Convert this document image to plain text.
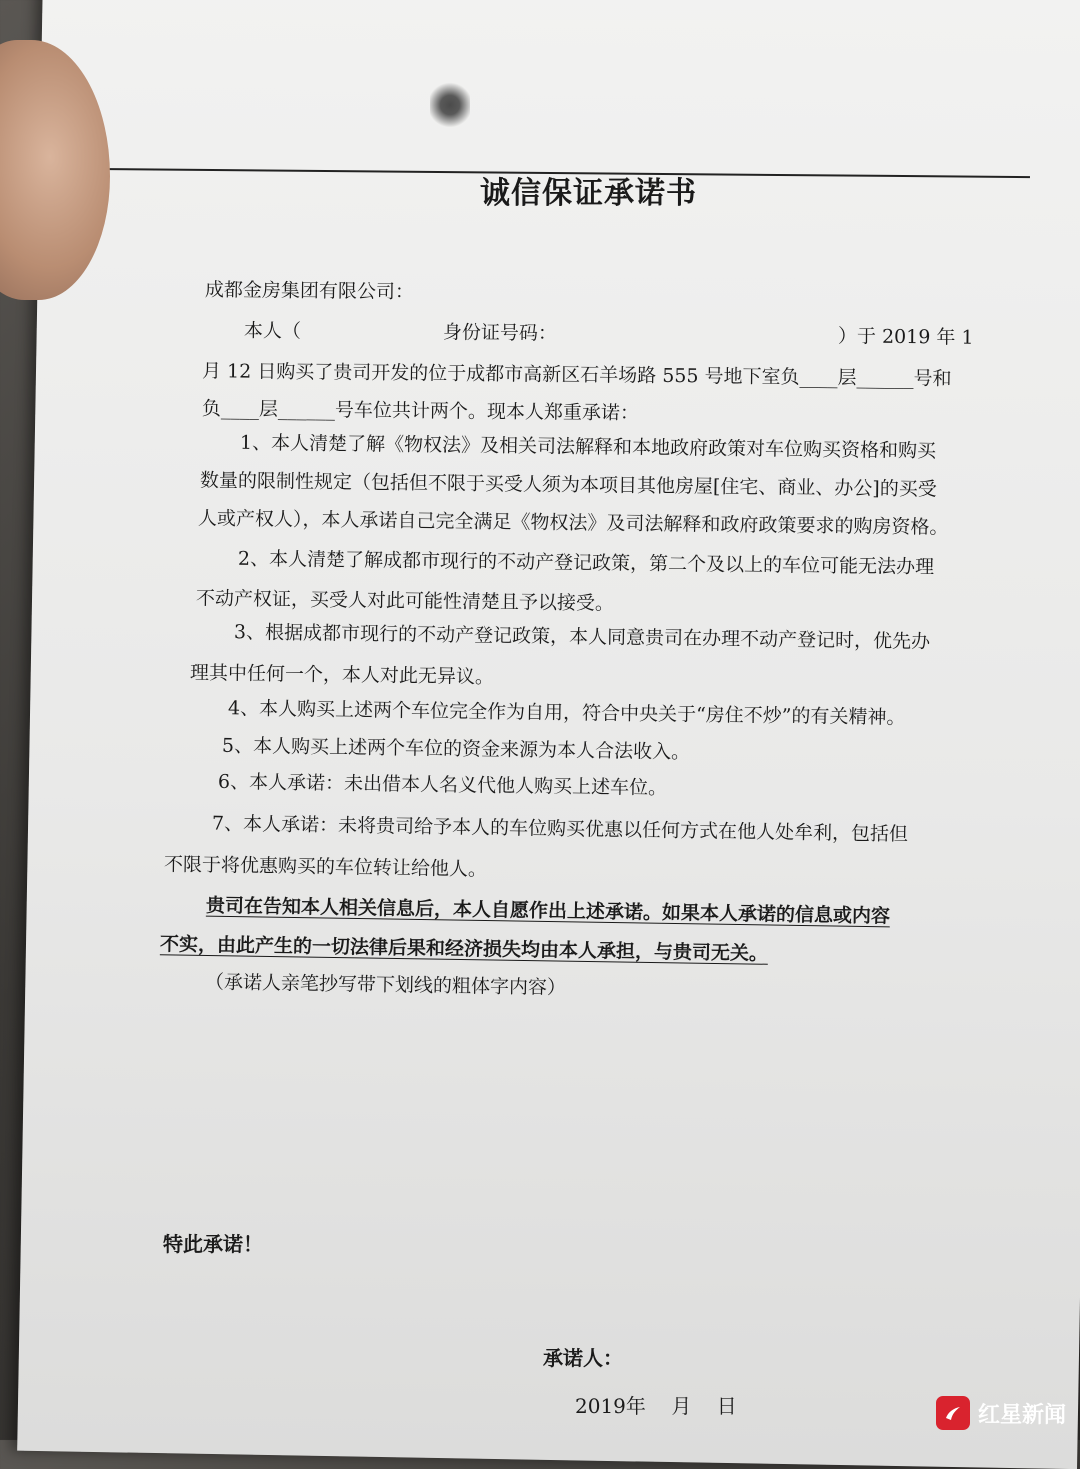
诚信保证承诺书
成都金房集团有限公司：
本人（	身份证号码：	）于 2019 年 1
月 12 日购买了贵司开发的位于成都市高新区石羊场路 555 号地下室负____层______号和
负____层______号车位共计两个。现本人郑重承诺：
1、本人清楚了解《物权法》及相关司法解释和本地政府政策对车位购买资格和购买
数量的限制性规定（包括但不限于买受人须为本项目其他房屋[住宅、商业、办公]的买受
人或产权人），本人承诺自己完全满足《物权法》及司法解释和政府政策要求的购房资格。
2、本人清楚了解成都市现行的不动产登记政策，第二个及以上的车位可能无法办理
不动产权证，买受人对此可能性清楚且予以接受。
3、根据成都市现行的不动产登记政策，本人同意贵司在办理不动产登记时，优先办
理其中任何一个，本人对此无异议。
4、本人购买上述两个车位完全作为自用，符合中央关于“房住不炒”的有关精神。
5、本人购买上述两个车位的资金来源为本人合法收入。
6、本人承诺：未出借本人名义代他人购买上述车位。
7、本人承诺：未将贵司给予本人的车位购买优惠以任何方式在他人处牟利，包括但
不限于将优惠购买的车位转让给他人。
贵司在告知本人相关信息后，本人自愿作出上述承诺。如果本人承诺的信息或内容
不实，由此产生的一切法律后果和经济损失均由本人承担，与贵司无关。
（承诺人亲笔抄写带下划线的粗体字内容）
特此承诺！
承诺人：
2019年    月    日	红星新闻
